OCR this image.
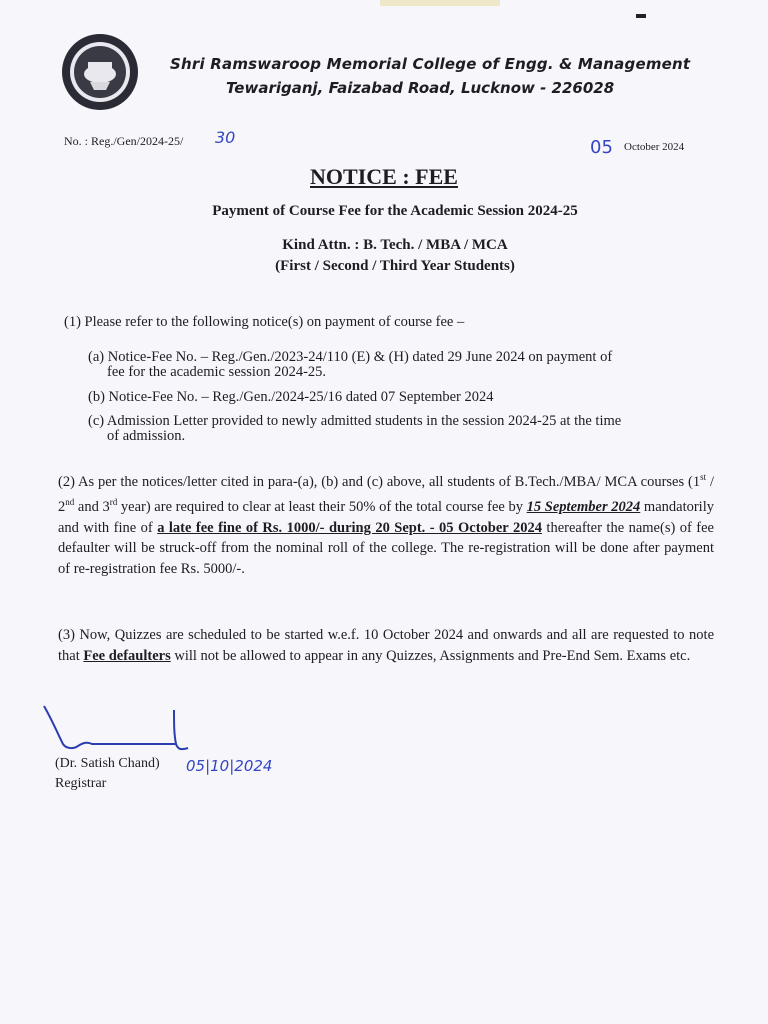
Shri Ramswaroop Memorial College of Engg. & Management
Tewariganj, Faizabad Road, Lucknow - 226028
No. : Reg./Gen/2024-25/ 30	05 October 2024
NOTICE : FEE
Payment of Course Fee for the Academic Session 2024-25
Kind Attn. : B. Tech. / MBA / MCA
(First / Second / Third Year Students)
(1) Please refer to the following notice(s) on payment of course fee –
(a) Notice-Fee No. – Reg./Gen./2023-24/110 (E) & (H) dated 29 June 2024 on payment of
fee for the academic session 2024-25.
(b) Notice-Fee No. – Reg./Gen./2024-25/16 dated 07 September 2024
(c) Admission Letter provided to newly admitted students in the session 2024-25 at the time
of admission.
(2) As per the notices/letter cited in para-(a), (b) and (c) above, all students of B.Tech./MBA/ MCA courses (1st / 2nd and 3rd year) are required to clear at least their 50% of the total course fee by 15 September 2024 mandatorily and with fine of a late fee fine of Rs. 1000/- during 20 Sept. - 05 October 2024 thereafter the name(s) of fee defaulter will be struck-off from the nominal roll of the college. The re-registration will be done after payment of re-registration fee Rs. 5000/-.
(3) Now, Quizzes are scheduled to be started w.e.f. 10 October 2024 and onwards and all are requested to note that Fee defaulters will not be allowed to appear in any Quizzes, Assignments and Pre-End Sem. Exams etc.
(Dr. Satish Chand) 05|10|2024
Registrar
